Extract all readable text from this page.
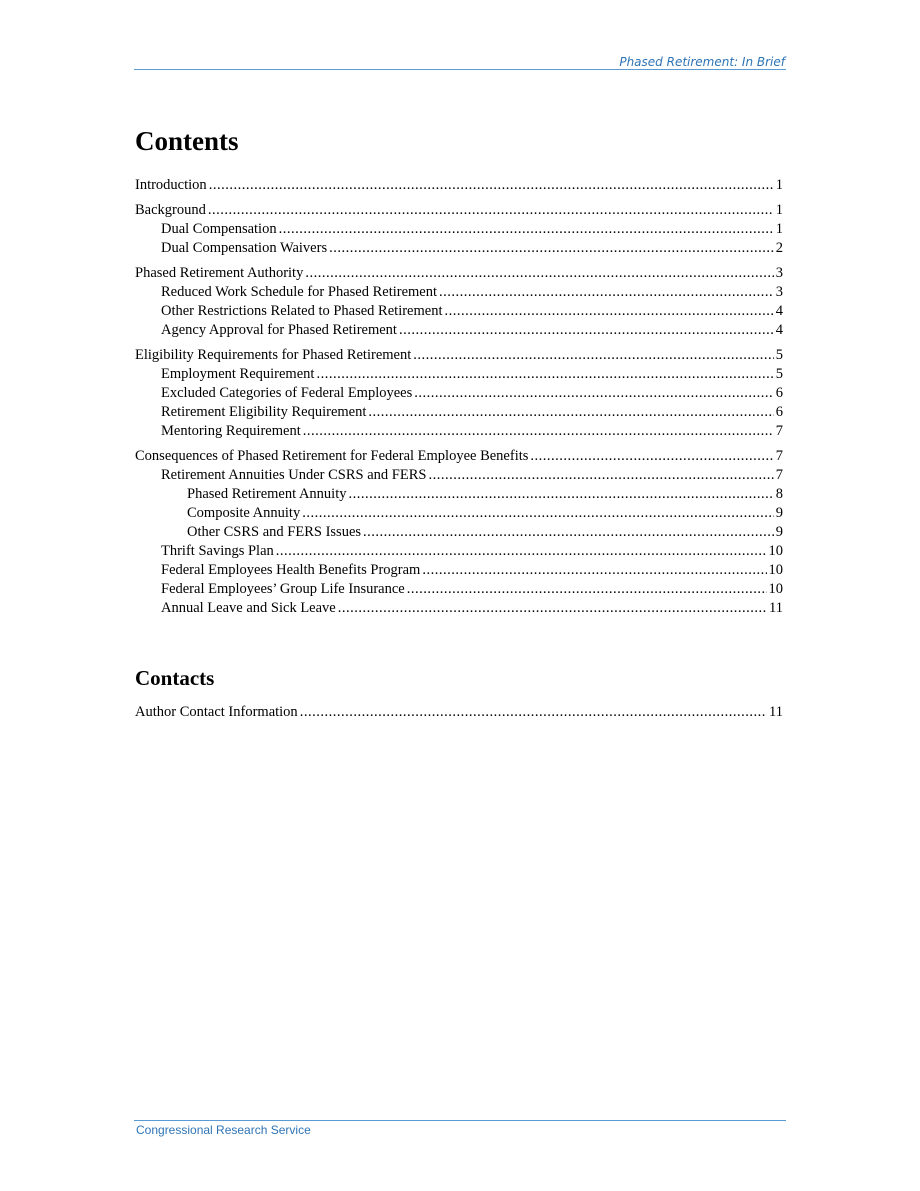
Phased Retirement: In Brief
Contents
Introduction .....	1
Background .....	1
Dual Compensation .....	1
Dual Compensation Waivers .....	2
Phased Retirement Authority .....	3
Reduced Work Schedule for Phased Retirement .....	3
Other Restrictions Related to Phased Retirement .....	4
Agency Approval for Phased Retirement .....	4
Eligibility Requirements for Phased Retirement .....	5
Employment Requirement .....	5
Excluded Categories of Federal Employees .....	6
Retirement Eligibility Requirement .....	6
Mentoring Requirement .....	7
Consequences of Phased Retirement for Federal Employee Benefits .....	7
Retirement Annuities Under CSRS and FERS .....	7
Phased Retirement Annuity .....	8
Composite Annuity .....	9
Other CSRS and FERS Issues .....	9
Thrift Savings Plan .....	10
Federal Employees Health Benefits Program .....	10
Federal Employees’ Group Life Insurance .....	10
Annual Leave and Sick Leave .....	11
Contacts
Author Contact Information .....	11
Congressional Research Service
